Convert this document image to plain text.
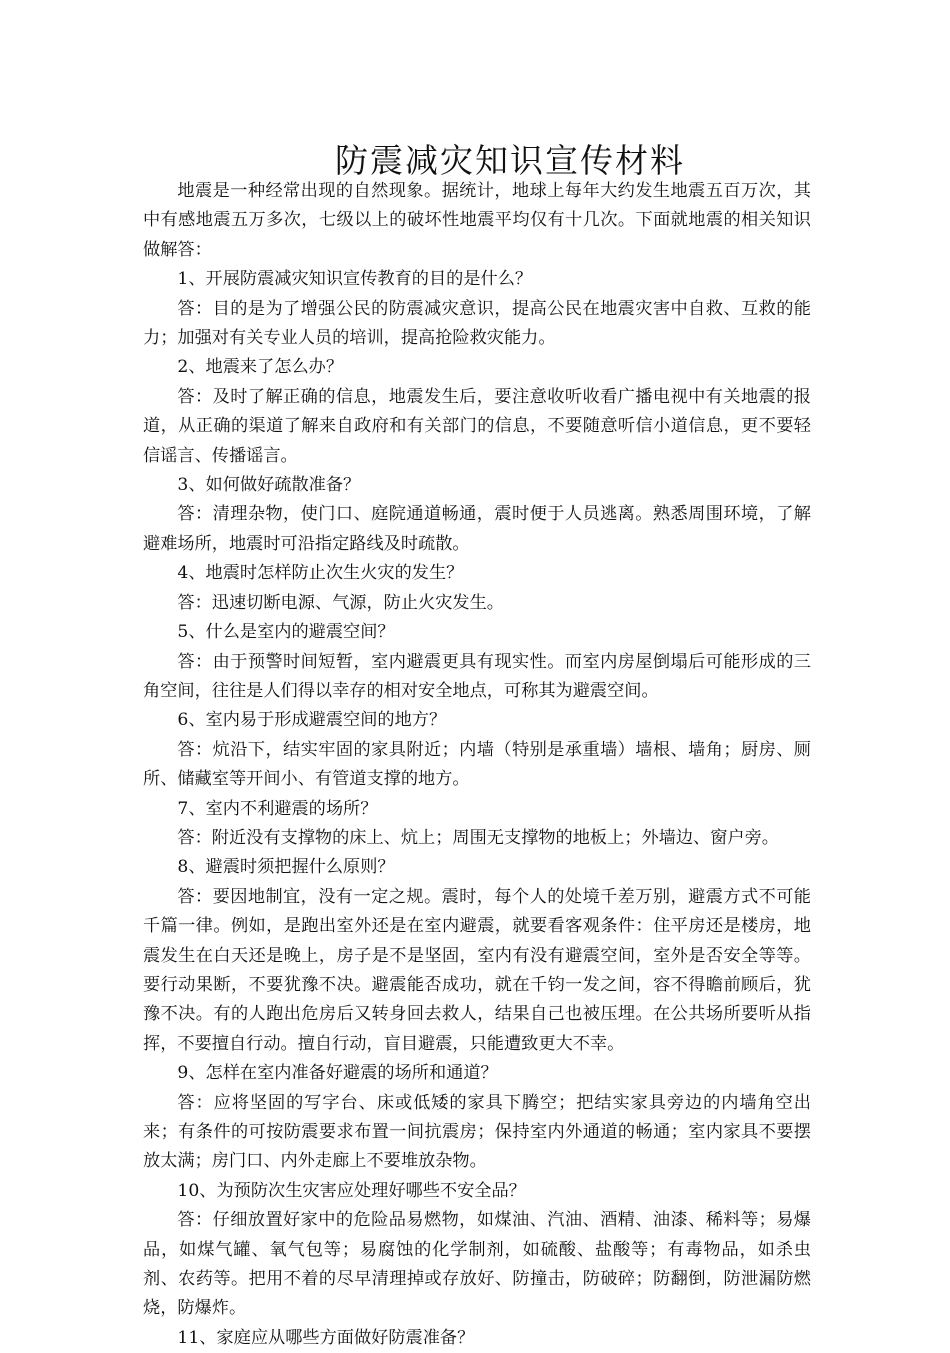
防震减灾知识宣传材料

地震是一种经常出现的自然现象。据统计，地球上每年大约发生地震五百万次，其中有感地震五万多次，七级以上的破坏性地震平均仅有十几次。下面就地震的相关知识做解答：

1、开展防震减灾知识宣传教育的目的是什么？

答：目的是为了增强公民的防震减灾意识，提高公民在地震灾害中自救、互救的能力；加强对有关专业人员的培训，提高抢险救灾能力。

2、地震来了怎么办？

答：及时了解正确的信息，地震发生后，要注意收听收看广播电视中有关地震的报道，从正确的渠道了解来自政府和有关部门的信息，不要随意听信小道信息，更不要轻信谣言、传播谣言。

3、如何做好疏散准备？

答：清理杂物，使门口、庭院通道畅通，震时便于人员逃离。熟悉周围环境，了解避难场所，地震时可沿指定路线及时疏散。

4、地震时怎样防止次生火灾的发生？

答：迅速切断电源、气源，防止火灾发生。

5、什么是室内的避震空间？

答：由于预警时间短暂，室内避震更具有现实性。而室内房屋倒塌后可能形成的三角空间，往往是人们得以幸存的相对安全地点，可称其为避震空间。

6、室内易于形成避震空间的地方？

答：炕沿下，结实牢固的家具附近；内墙（特别是承重墙）墙根、墙角；厨房、厕所、储藏室等开间小、有管道支撑的地方。

7、室内不利避震的场所？

答：附近没有支撑物的床上、炕上；周围无支撑物的地板上；外墙边、窗户旁。

8、避震时须把握什么原则？

答：要因地制宜，没有一定之规。震时，每个人的处境千差万别，避震方式不可能千篇一律。例如，是跑出室外还是在室内避震，就要看客观条件：住平房还是楼房，地震发生在白天还是晚上，房子是不是坚固，室内有没有避震空间，室外是否安全等等。要行动果断，不要犹豫不决。避震能否成功，就在千钧一发之间，容不得瞻前顾后，犹豫不决。有的人跑出危房后又转身回去救人，结果自己也被压埋。在公共场所要听从指挥，不要擅自行动。擅自行动，盲目避震，只能遭致更大不幸。

9、怎样在室内准备好避震的场所和通道？

答：应将坚固的写字台、床或低矮的家具下腾空；把结实家具旁边的内墙角空出来；有条件的可按防震要求布置一间抗震房；保持室内外通道的畅通；室内家具不要摆放太满；房门口、内外走廊上不要堆放杂物。

10、为预防次生灾害应处理好哪些不安全品？

答：仔细放置好家中的危险品易燃物，如煤油、汽油、酒精、油漆、稀料等；易爆品，如煤气罐、氧气包等；易腐蚀的化学制剂，如硫酸、盐酸等；有毒物品，如杀虫剂、农药等。把用不着的尽早清理掉或存放好、防撞击，防破碎；防翻倒，防泄漏防燃烧，防爆炸。

11、家庭应从哪些方面做好防震准备？
